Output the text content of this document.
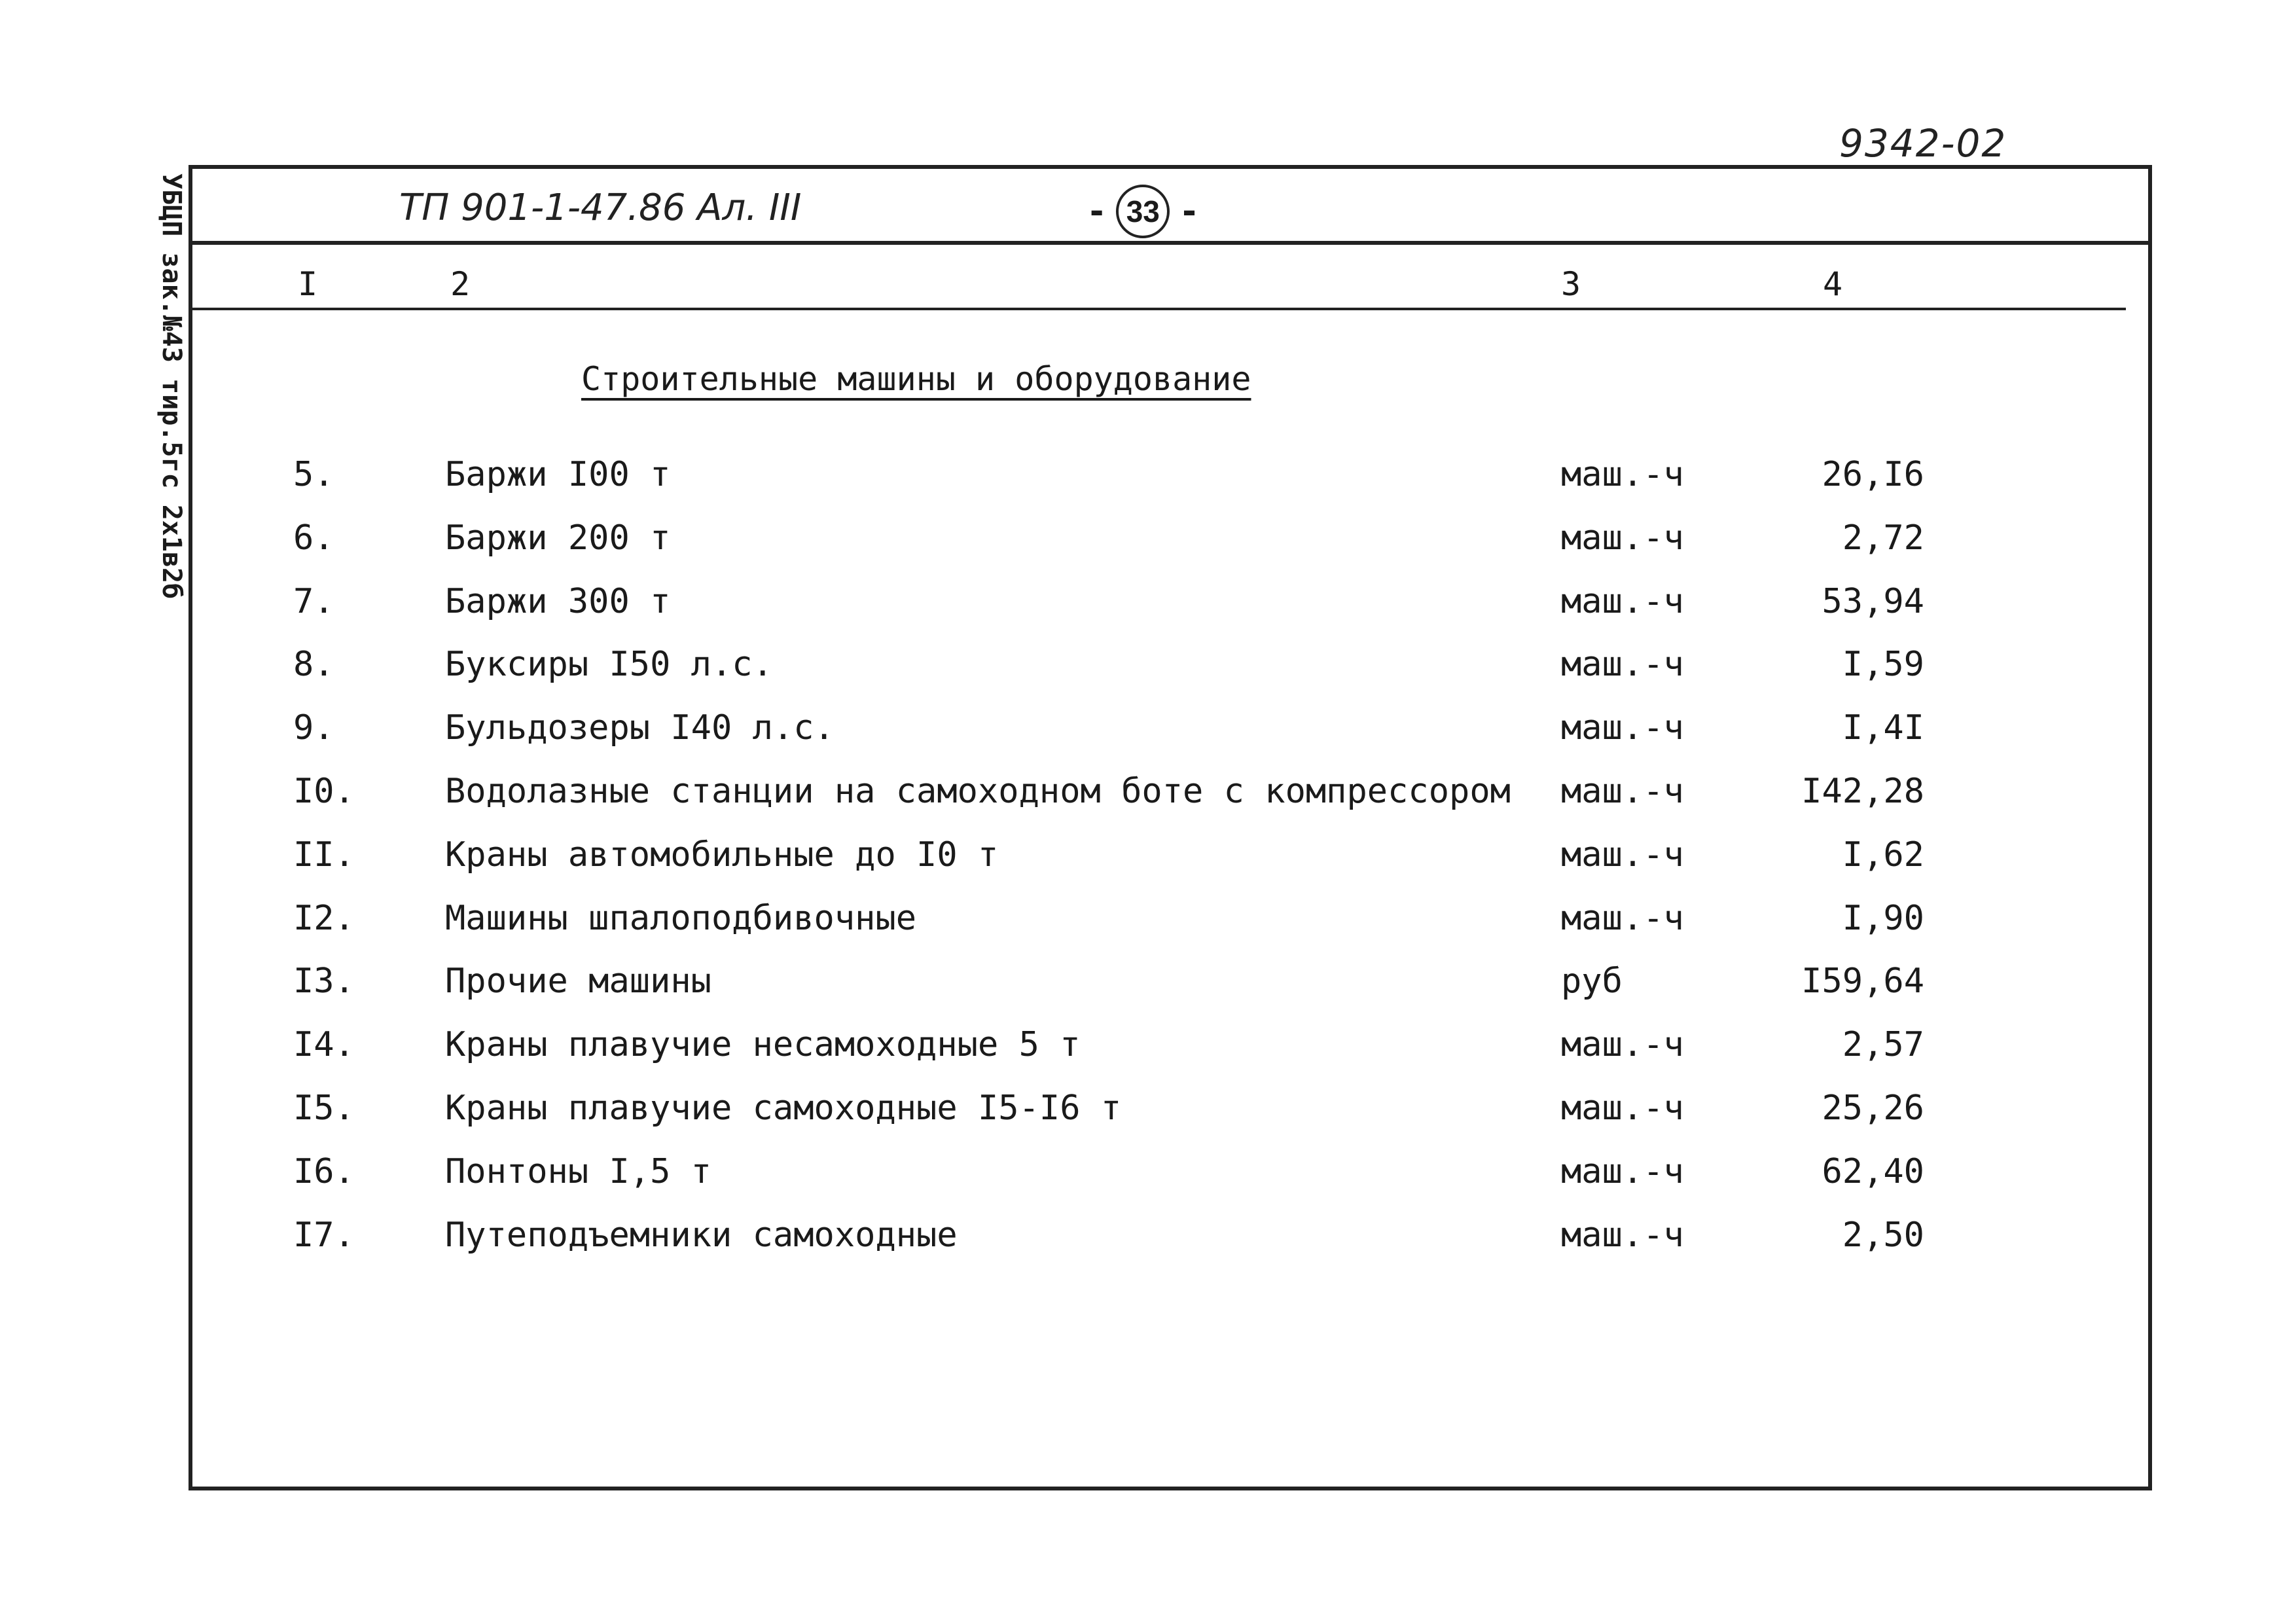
9342-02
УБЦП зак.№43 тир.5гс 2х1в2б	ТП 901-1-47.86 Ал. III	- 33 -
I	2	3	4
Строительные машины и оборудование
5.	Баржи I00 т	маш.-ч	26,I6
6.	Баржи 200 т	маш.-ч	2,72
7.	Баржи 300 т	маш.-ч	53,94
8.	Буксиры I50 л.с.	маш.-ч	I,59
9.	Бульдозеры I40 л.с.	маш.-ч	I,4I
I0.	Водолазные станции на самоходном боте с компрессором маш.-ч	I42,28
II.	Краны автомобильные до I0 т	маш.-ч	I,62
I2.	Машины шпалоподбивочные	маш.-ч	I,90
I3.	Прочие машины	руб	I59,64
I4.	Краны плавучие несамоходные 5 т	маш.-ч	2,57
I5.	Краны плавучие самоходные I5-I6 т	маш.-ч	25,26
I6.	Понтоны I,5 т	маш.-ч	62,40
I7.	Путеподъемники самоходные	маш.-ч	2,50
